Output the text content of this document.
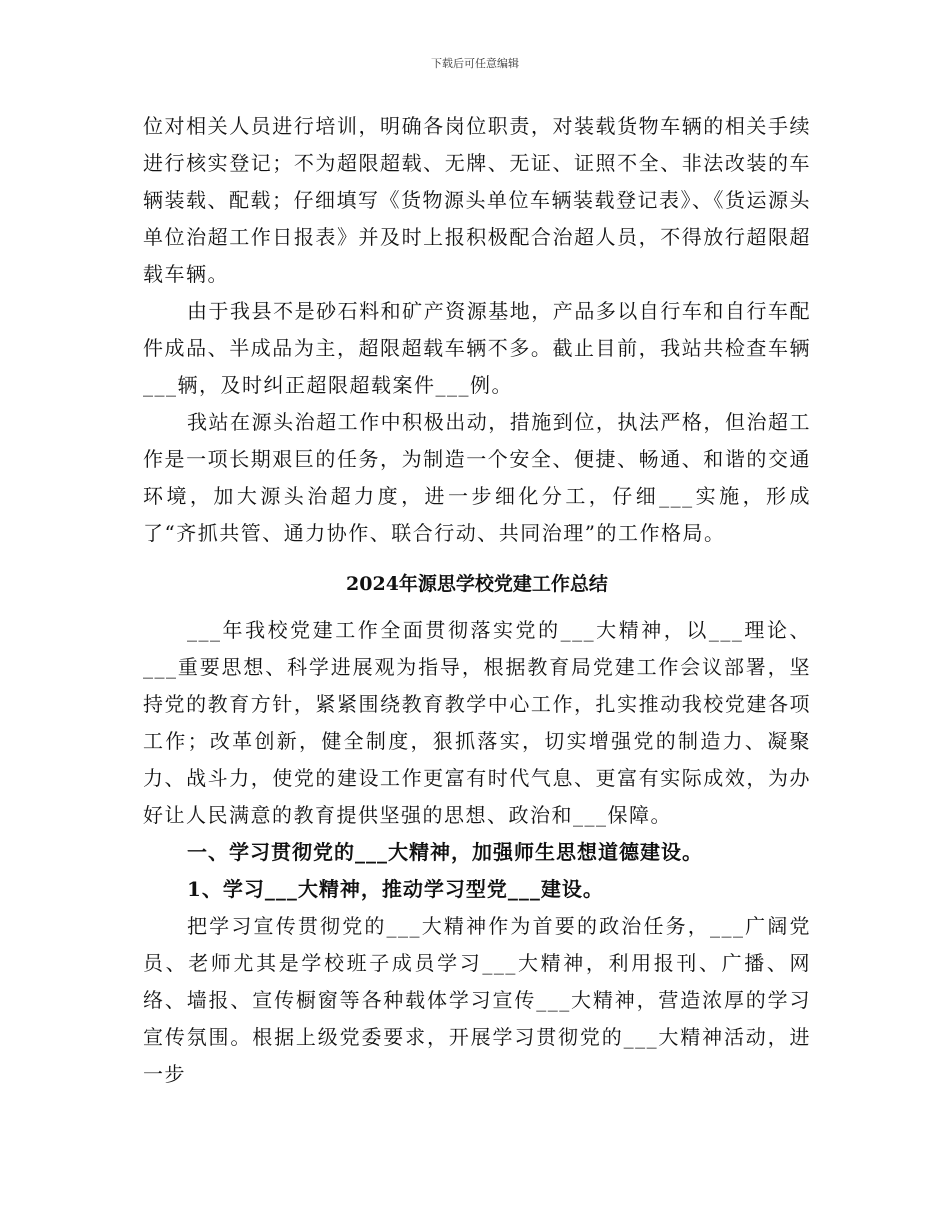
下载后可任意编辑

位对相关人员进行培训，明确各岗位职责，对装载货物车辆的相关手续进行核实登记；不为超限超载、无牌、无证、证照不全、非法改装的车辆装载、配载；仔细填写《货物源头单位车辆装载登记表》、《货运源头单位治超工作日报表》并及时上报积极配合治超人员，不得放行超限超载车辆。

由于我县不是砂石料和矿产资源基地，产品多以自行车和自行车配件成品、半成品为主，超限超载车辆不多。截止目前，我站共检查车辆___辆，及时纠正超限超载案件___例。

我站在源头治超工作中积极出动，措施到位，执法严格，但治超工作是一项长期艰巨的任务，为制造一个安全、便捷、畅通、和谐的交通环境，加大源头治超力度，进一步细化分工，仔细___实施，形成了“齐抓共管、通力协作、联合行动、共同治理”的工作格局。

2024年源思学校党建工作总结

___年我校党建工作全面贯彻落实党的___大精神，以___理论、___重要思想、科学进展观为指导，根据教育局党建工作会议部署，坚持党的教育方针，紧紧围绕教育教学中心工作，扎实推动我校党建各项工作；改革创新，健全制度，狠抓落实，切实增强党的制造力、凝聚力、战斗力，使党的建设工作更富有时代气息、更富有实际成效，为办好让人民满意的教育提供坚强的思想、政治和___保障。

一、学习贯彻党的___大精神，加强师生思想道德建设。

1、学习___大精神，推动学习型党___建设。

把学习宣传贯彻党的___大精神作为首要的政治任务，___广阔党员、老师尤其是学校班子成员学习___大精神，利用报刊、广播、网络、墙报、宣传橱窗等各种载体学习宣传___大精神，营造浓厚的学习宣传氛围。根据上级党委要求，开展学习贯彻党的___大精神活动，进一步
